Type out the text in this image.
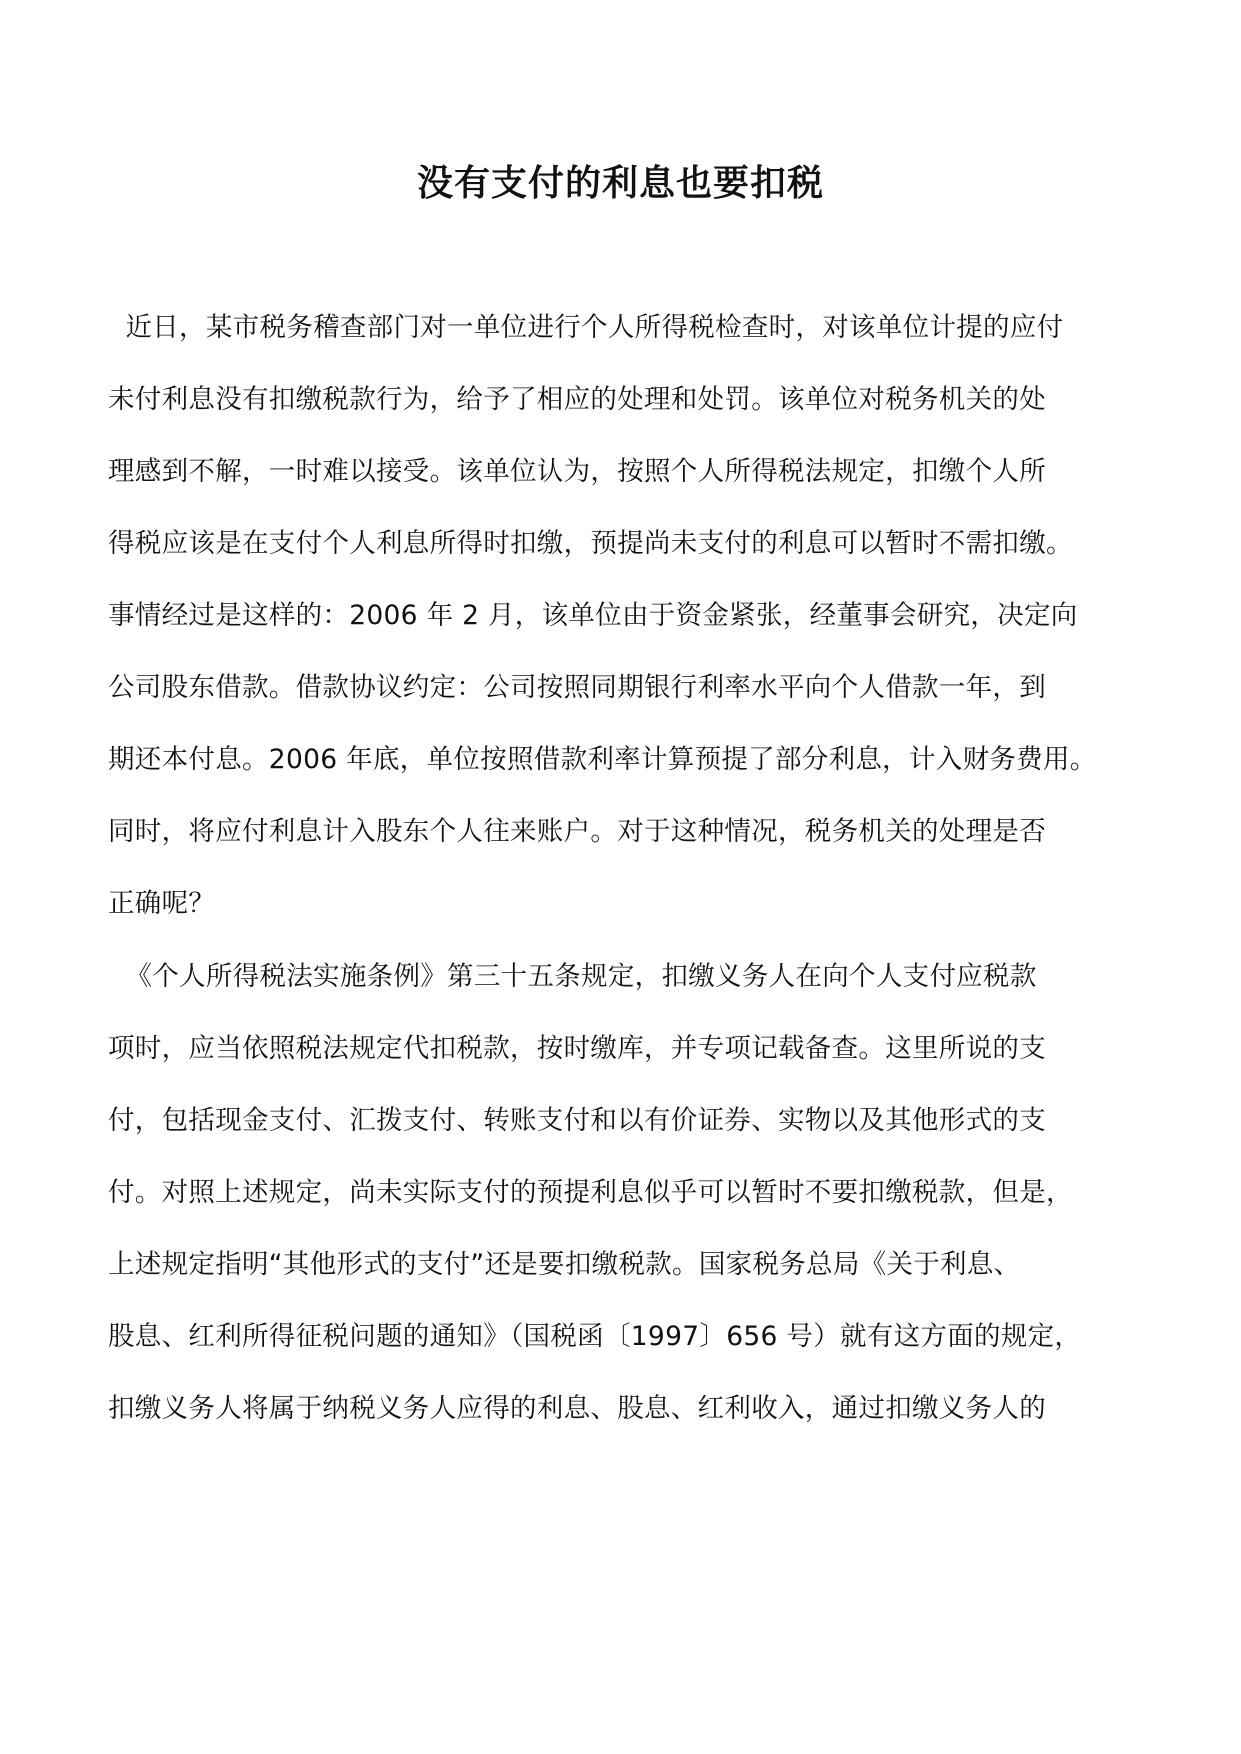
没有支付的利息也要扣税

近日，某市税务稽查部门对一单位进行个人所得税检查时，对该单位计提的应付

未付利息没有扣缴税款行为，给予了相应的处理和处罚。该单位对税务机关的处

理感到不解，一时难以接受。该单位认为，按照个人所得税法规定，扣缴个人所

得税应该是在支付个人利息所得时扣缴，预提尚未支付的利息可以暂时不需扣缴。

事情经过是这样的：2006 年 2 月，该单位由于资金紧张，经董事会研究，决定向

公司股东借款。借款协议约定：公司按照同期银行利率水平向个人借款一年，到

期还本付息。2006 年底，单位按照借款利率计算预提了部分利息，计入财务费用。

同时，将应付利息计入股东个人往来账户。对于这种情况，税务机关的处理是否

正确呢？

《个人所得税法实施条例》第三十五条规定，扣缴义务人在向个人支付应税款

项时，应当依照税法规定代扣税款，按时缴库，并专项记载备查。这里所说的支

付，包括现金支付、汇拨支付、转账支付和以有价证券、实物以及其他形式的支

付。对照上述规定，尚未实际支付的预提利息似乎可以暂时不要扣缴税款，但是，

上述规定指明“其他形式的支付”还是要扣缴税款。国家税务总局《关于利息、

股息、红利所得征税问题的通知》（国税函〔1997〕656 号）就有这方面的规定，

扣缴义务人将属于纳税义务人应得的利息、股息、红利收入，通过扣缴义务人的
